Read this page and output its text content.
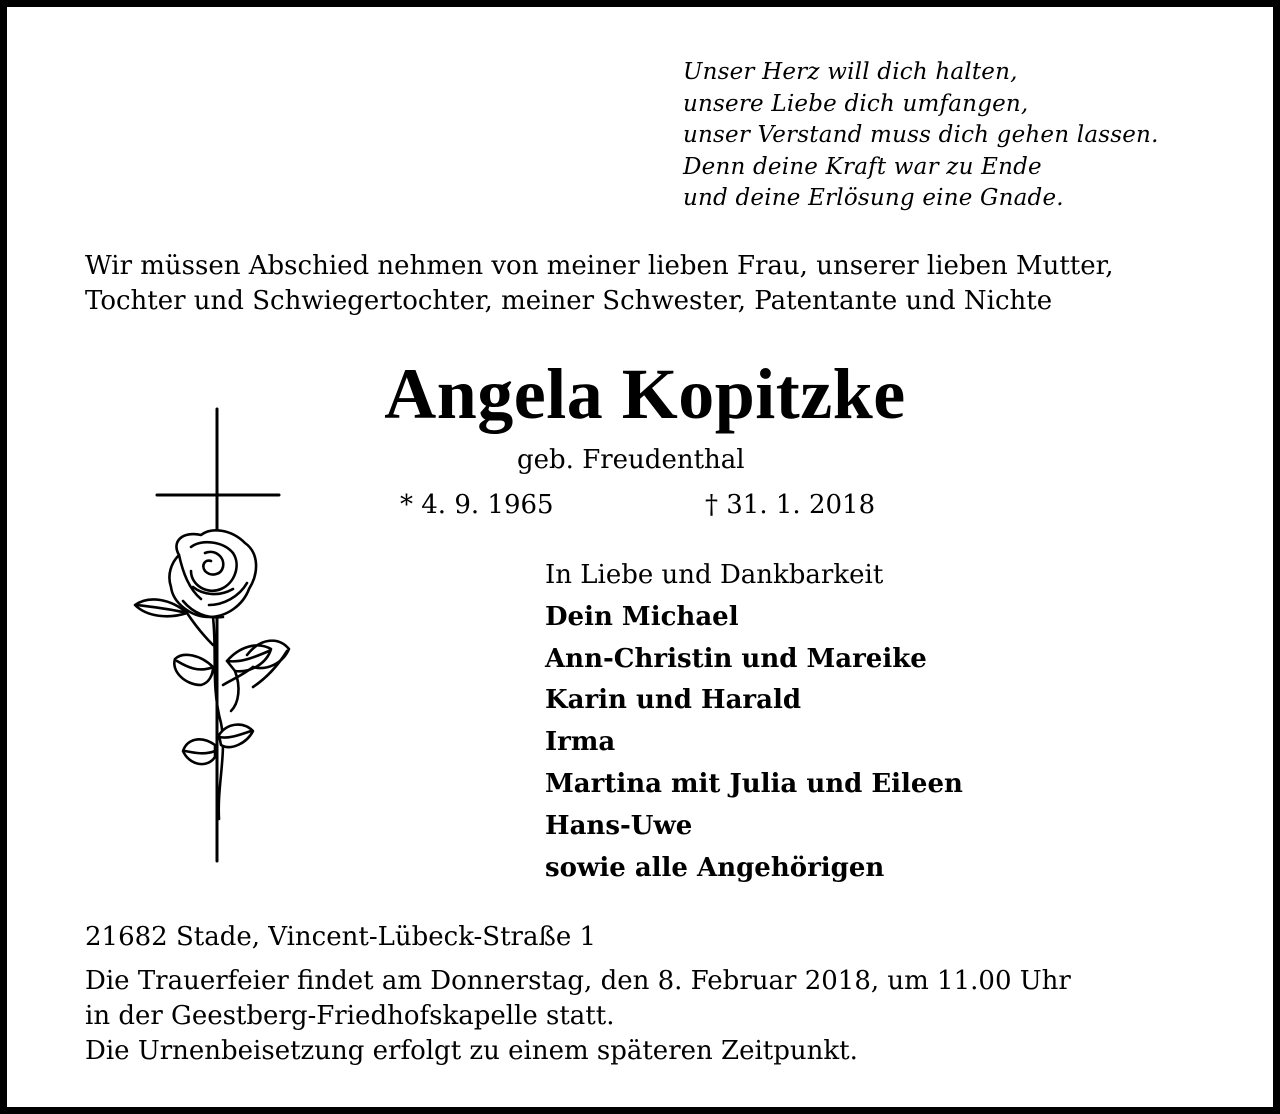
Unser Herz will dich halten,
unsere Liebe dich umfangen,
unser Verstand muss dich gehen lassen.
Denn deine Kraft war zu Ende
und deine Erlösung eine Gnade.
Wir müssen Abschied nehmen von meiner lieben Frau, unserer lieben Mutter,
Tochter und Schwiegertochter, meiner Schwester, Patentante und Nichte
Angela Kopitzke
geb. Freudenthal
* 4. 9. 1965	† 31. 1. 2018
In Liebe und Dankbarkeit
Dein Michael
Ann-Christin und Mareike
Karin und Harald
Irma
Martina mit Julia und Eileen
Hans-Uwe
sowie alle Angehörigen
21682 Stade, Vincent-Lübeck-Straße 1
Die Trauerfeier findet am Donnerstag, den 8. Februar 2018, um 11.00 Uhr
in der Geestberg-Friedhofskapelle statt.
Die Urnenbeisetzung erfolgt zu einem späteren Zeitpunkt.
